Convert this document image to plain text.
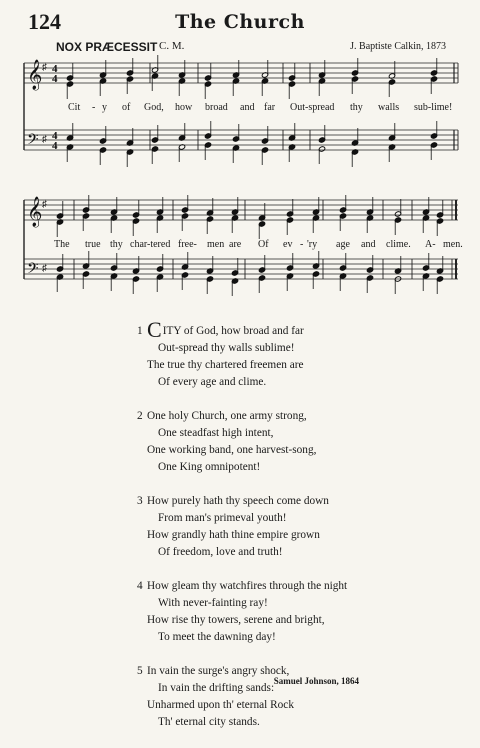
124	The Church
NOX PRÆCESSIT C. M.	J. Baptiste Calkin, 1873
𝄞
𝄢
♯
♯
4
4
4
4
𝄞
𝄢
♯
♯
Cit - y of God, how broad and far Out-spread thy walls sub-lime!
The true thy char-tered free- men are Of ev - 'ry age and clime. A- men.
1 CITY of God, how broad and far
Out-spread thy walls sublime!
The true thy chartered freemen are
Of every age and clime.
2 One holy Church, one army strong,
One steadfast high intent,
One working band, one harvest-song,
One King omnipotent!
3 How purely hath thy speech come down
From man's primeval youth!
How grandly hath thine empire grown
Of freedom, love and truth!
4 How gleam thy watchfires through the night
With never-fainting ray!
How rise thy towers, serene and bright,
To meet the dawning day!
5 In vain the surge's angry shock,
In vain the drifting sands:
Unharmed upon th' eternal Rock
Th' eternal city stands.
Samuel Johnson, 1864
